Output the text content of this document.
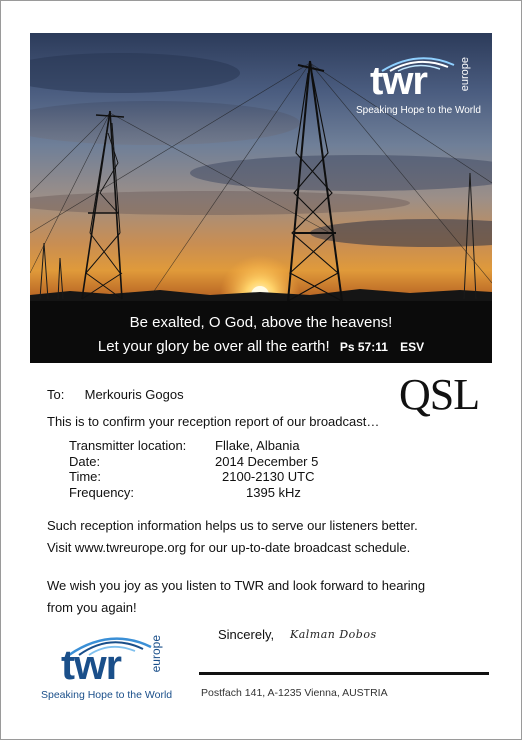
twr	europe
Speaking Hope to the World
Be exalted, O God, above the heavens!
Let your glory be over all the earth! Ps 57:11 ESV
To: Merkouris Gogos	QSL
This is to confirm your reception report of our broadcast…
Transmitter location:	Fllake, Albania
Date:	2014 December 5
Time:	2100-2130 UTC
Frequency:	1395 kHz
Such reception information helps us to serve our listeners better.
Visit www.twreurope.org for our up-to-date broadcast schedule.
We wish you joy as you listen to TWR and look forward to hearing
from you again!
Sincerely, Kalman Dobos
Postfach 141, A-1235 Vienna, AUSTRIA
twr europe
Speaking Hope to the World
